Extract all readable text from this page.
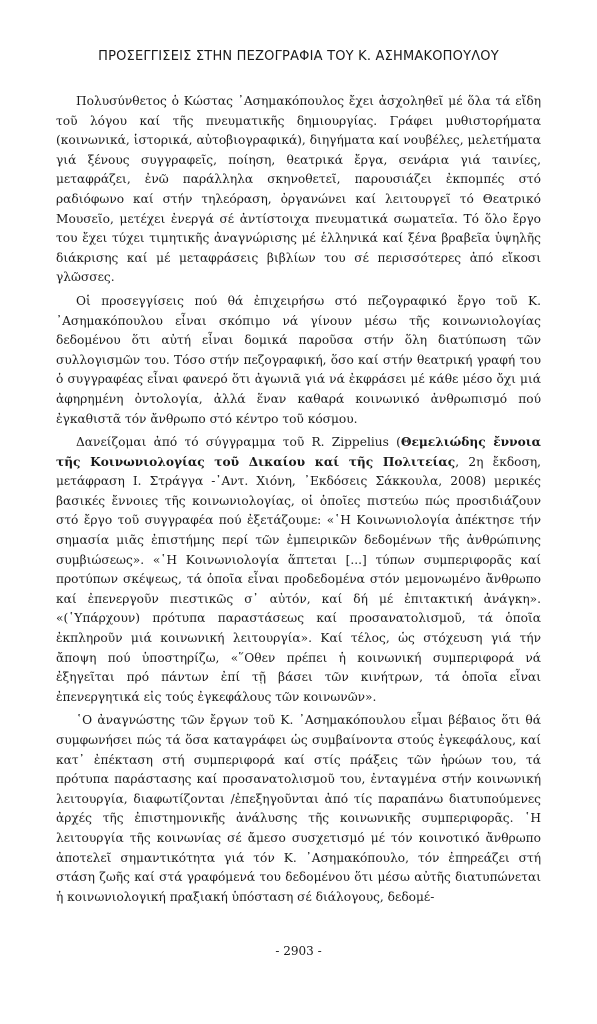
ΠΡΟΣΕΓΓΙΣΕΙΣ ΣΤΗΝ ΠΕΖΟΓΡΑΦΙΑ ΤΟΥ Κ. ΑΣΗΜΑΚΟΠΟΥΛΟΥ

Πολυσύνθετος ὁ Κώστας ᾿Ασημακόπουλος ἔχει ἀσχοληθεῖ μέ ὅλα τά εἴδη τοῦ λόγου καί τῆς πνευματικῆς δημιουργίας. Γράφει μυθιστορήματα (κοινωνικά, ἱστορικά, αὐτοβιογραφικά), διηγήματα καί νουβέλες, μελετήματα γιά ξένους συγγραφεῖς, ποίηση, θεατρικά ἔργα, σενάρια γιά ταινίες, μεταφράζει, ἐνῶ παράλληλα σκηνοθετεῖ, παρουσιάζει ἐκπομπές στό ραδιόφωνο καί στήν τηλεόραση, ὀργανώνει καί λειτουργεῖ τό Θεατρικό Μουσεῖο, μετέχει ἐνεργά σέ ἀντίστοιχα πνευματικά σωματεῖα. Τό ὅλο ἔργο του ἔχει τύχει τιμητικῆς ἀναγνώρισης μέ ἑλληνικά καί ξένα βραβεῖα ὑψηλῆς διάκρισης καί μέ μεταφράσεις βιβλίων του σέ περισσότερες ἀπό εἴκοσι γλῶσσες.

Οἱ προσεγγίσεις πού θά ἐπιχειρήσω στό πεζογραφικό ἔργο τοῦ Κ. ᾿Ασημακόπουλου εἶναι σκόπιμο νά γίνουν μέσω τῆς κοινωνιολογίας δεδομένου ὅτι αὐτή εἶναι δομικά παροῦσα στήν ὅλη διατύπωση τῶν συλλογισμῶν του. Τόσο στήν πεζογραφική, ὅσο καί στήν θεατρική γραφή του ὁ συγγραφέας εἶναι φανερό ὅτι ἀγωνιᾶ γιά νά ἐκφράσει μέ κάθε μέσο ὄχι μιά ἀφηρημένη ὀντολογία, ἀλλά ἕναν καθαρά κοινωνικό ἀνθρωπισμό πού ἐγκαθιστᾶ τόν ἄνθρωπο στό κέντρο τοῦ κόσμου.

Δανείζομαι ἀπό τό σύγγραμμα τοῦ R. Zippelius (Θεμελιώδης ἔννοια τῆς Κοινωνιολογίας τοῦ Δικαίου καί τῆς Πολιτείας, 2η ἔκδοση, μετάφραση Ι. Στράγγα -᾿Αντ. Χιόνη, ᾿Εκδόσεις Σάκκουλα, 2008) μερικές βασικές ἔννοιες τῆς κοινωνιολογίας, οἱ ὁποῖες πιστεύω πώς προσιδιάζουν στό ἔργο τοῦ συγγραφέα πού ἐξετάζουμε: «῾Η Κοινωνιολογία ἀπέκτησε τήν σημασία μιᾶς ἐπιστήμης περί τῶν ἐμπειρικῶν δεδομένων τῆς ἀνθρώπινης συμβιώσεως». «῾Η Κοινωνιολογία ἅπτεται [...] τύπων συμπεριφορᾶς καί προτύπων σκέψεως, τά ὁποῖα εἶναι προδεδομένα στόν μεμονωμένο ἄνθρωπο καί ἐπενεργοῦν πιεστικῶς σ᾿ αὐτόν, καί δή μέ ἐπιτακτική ἀνάγκη». «(῾Υπάρχουν) πρότυπα παραστάσεως καί προσανατολισμοῦ, τά ὁποῖα ἐκπληροῦν μιά κοινωνική λειτουργία». Καί τέλος, ὡς στόχευση γιά τήν ἄποψη πού ὑποστηρίζω, «῞Οθεν πρέπει ἡ κοινωνική συμπεριφορά νά ἐξηγεῖται πρό πάντων ἐπί τῇ βάσει τῶν κινήτρων, τά ὁποῖα εἶναι ἐπενεργητικά εἰς τούς ἐγκεφάλους τῶν κοινωνῶν».

῾Ο ἀναγνώστης τῶν ἔργων τοῦ Κ. ᾿Ασημακόπουλου εἶμαι βέβαιος ὅτι θά συμφωνήσει πώς τά ὅσα καταγράφει ὡς συμβαίνοντα στούς ἐγκεφάλους, καί κατ᾿ ἐπέκταση στή συμπεριφορά καί στίς πράξεις τῶν ἡρώων του, τά πρότυπα παράστασης καί προσανατολισμοῦ του, ἐνταγμένα στήν κοινωνική λειτουργία, διαφωτίζονται /ἐπεξηγοῦνται ἀπό τίς παραπάνω διατυπούμενες ἀρχές τῆς ἐπιστημονικῆς ἀνάλυσης τῆς κοινωνικῆς συμπεριφορᾶς. ῾Η λειτουργία τῆς κοινωνίας σέ ἄμεσο συσχετισμό μέ τόν κοινοτικό ἄνθρωπο ἀποτελεῖ σημαντικότητα γιά τόν Κ. ᾿Ασημακόπουλο, τόν ἐπηρεάζει στή στάση ζωῆς καί στά γραφόμενά του δεδομένου ὅτι μέσω αὐτῆς διατυπώνεται ἡ κοινωνιολογική πραξιακή ὑπόσταση σέ διάλογους, δεδομέ-

- 2903 -
